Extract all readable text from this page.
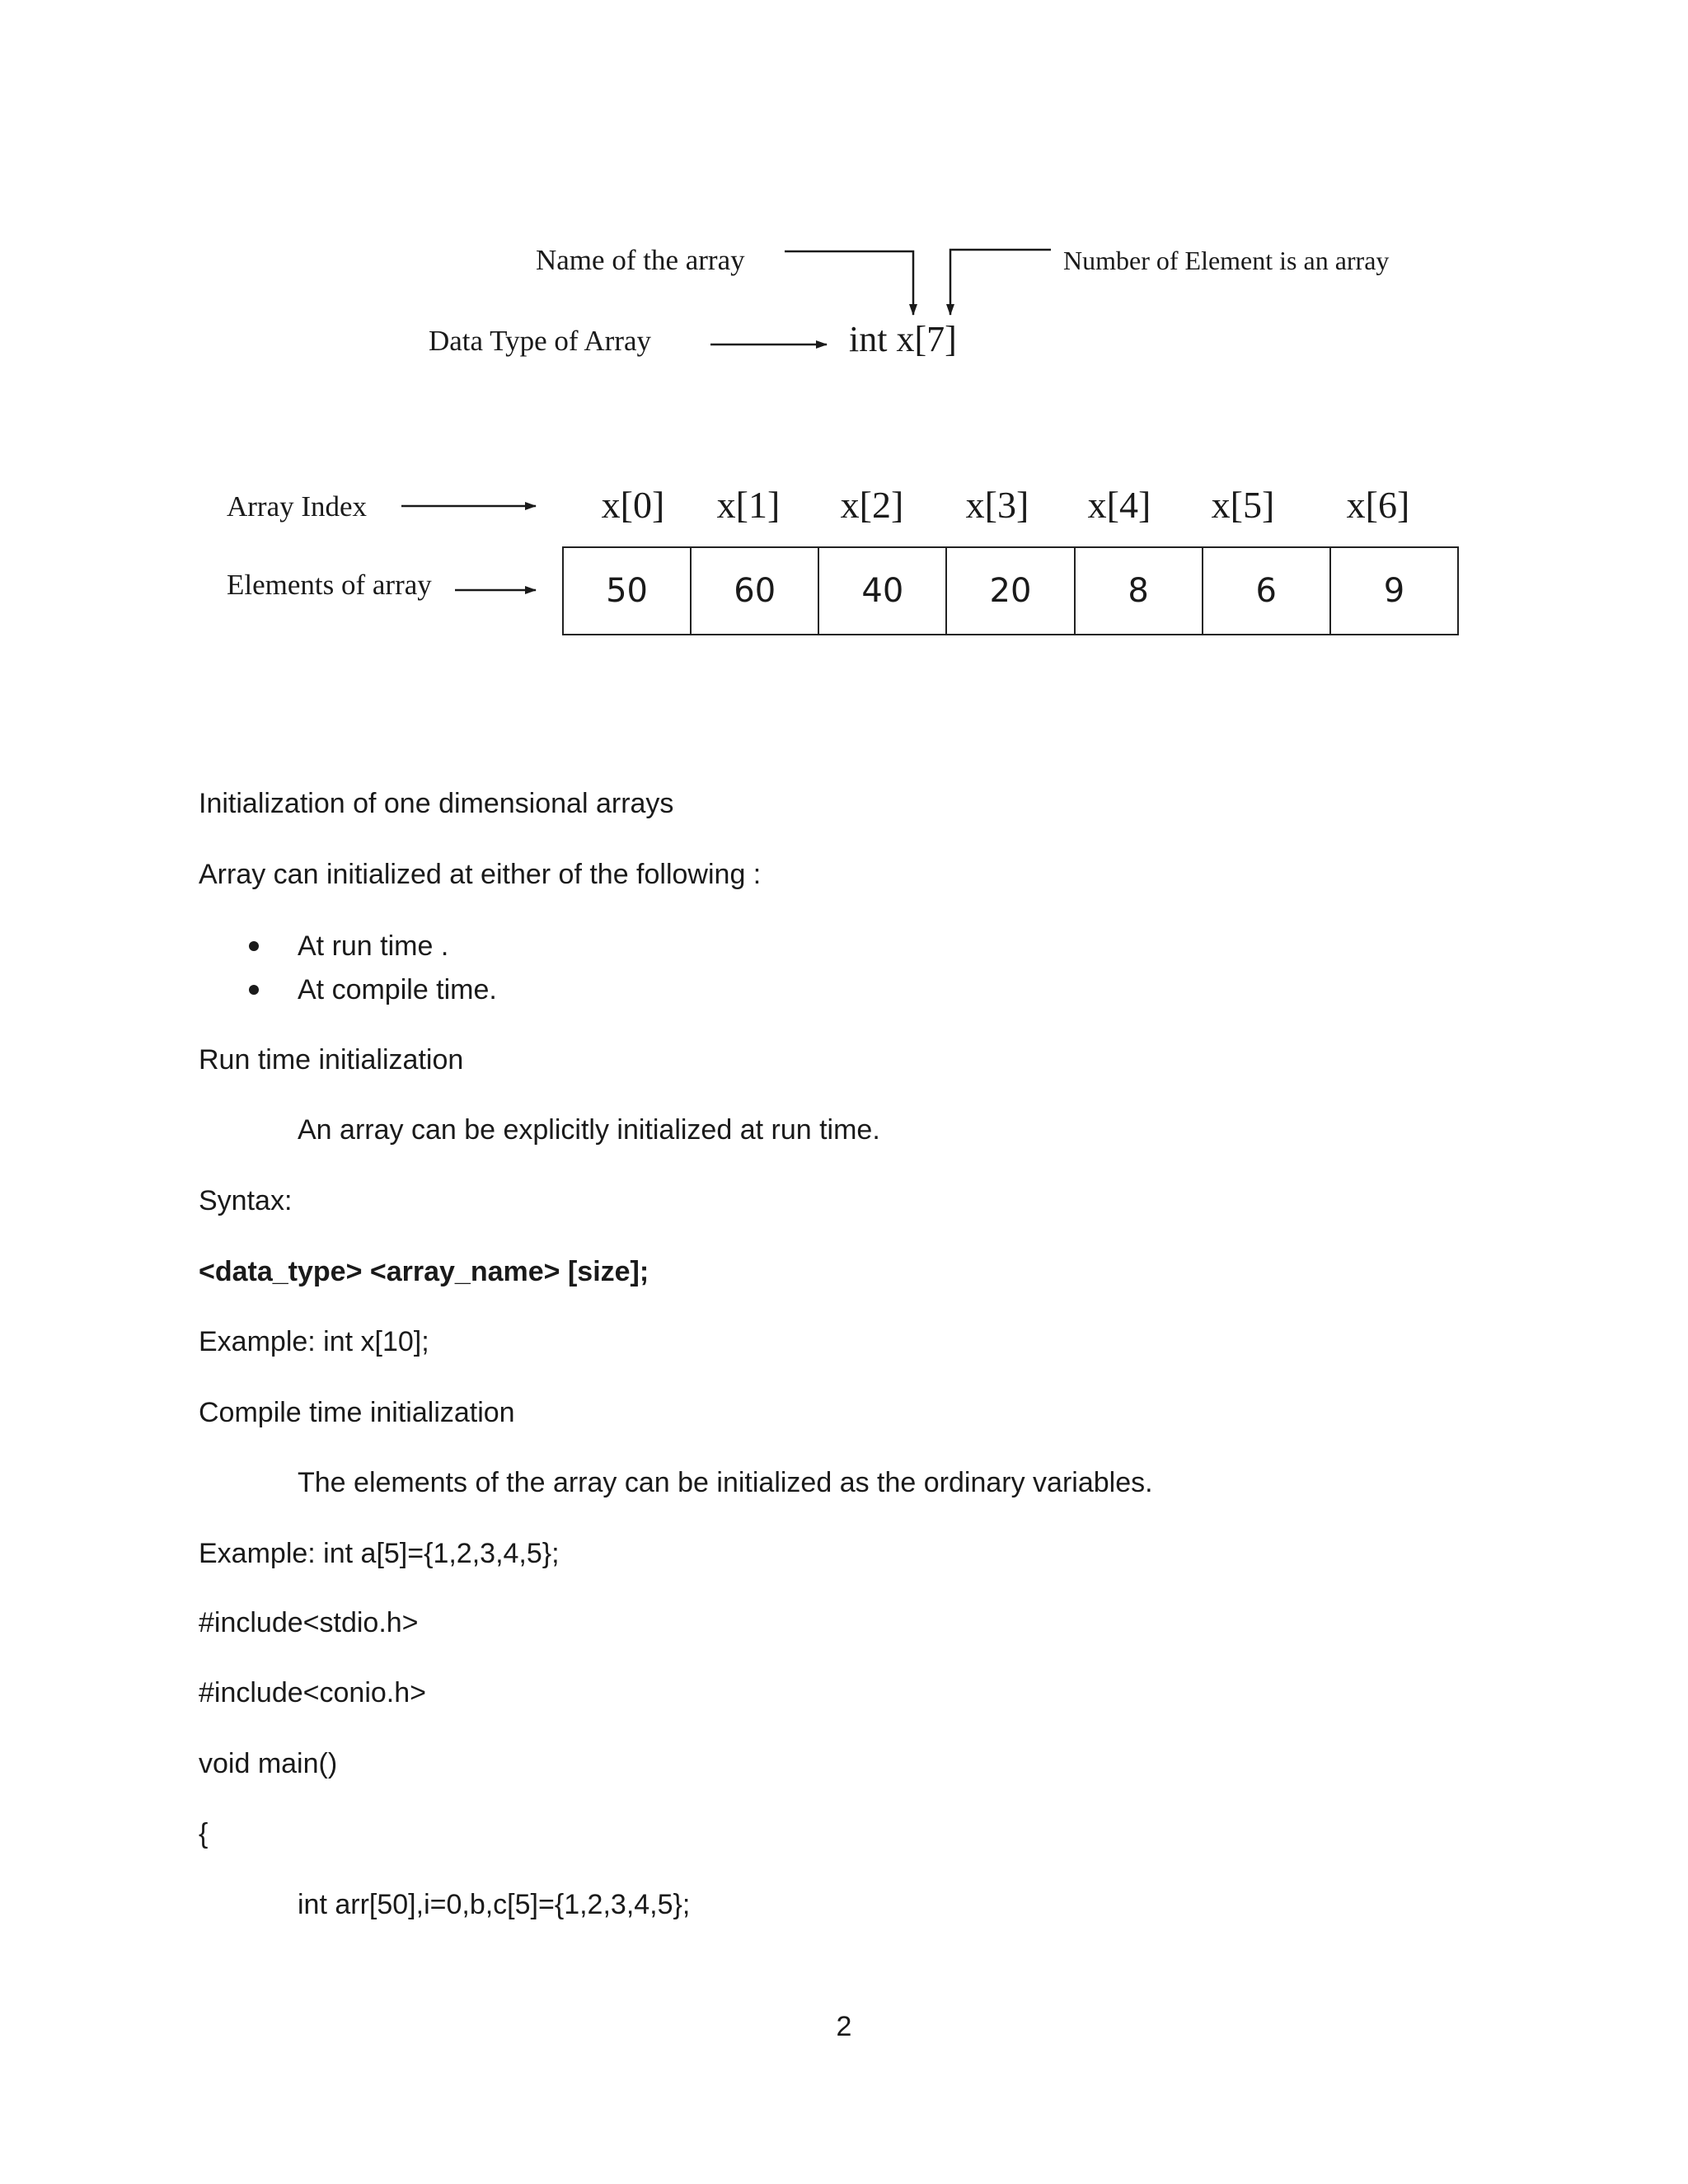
Name of the array	Number of Element is an array
Data Type of Array	int x[7]
Array Index
Elements of array
x[0] x[1] x[2] x[3] x[4] x[5] x[6]
50	60	40	20	8	6	9
Initialization of one dimensional arrays
Array can initialized at either of the following :
At run time .
At compile time.
Run time initialization
An array can be explicitly initialized at run time.
Syntax:
<data_type> <array_name> [size];
Example: int x[10];
Compile time initialization
The elements of the array can be initialized as the ordinary variables.
Example: int a[5]={1,2,3,4,5};
#include<stdio.h>
#include<conio.h>
void main()
{
int arr[50],i=0,b,c[5]={1,2,3,4,5};
2
